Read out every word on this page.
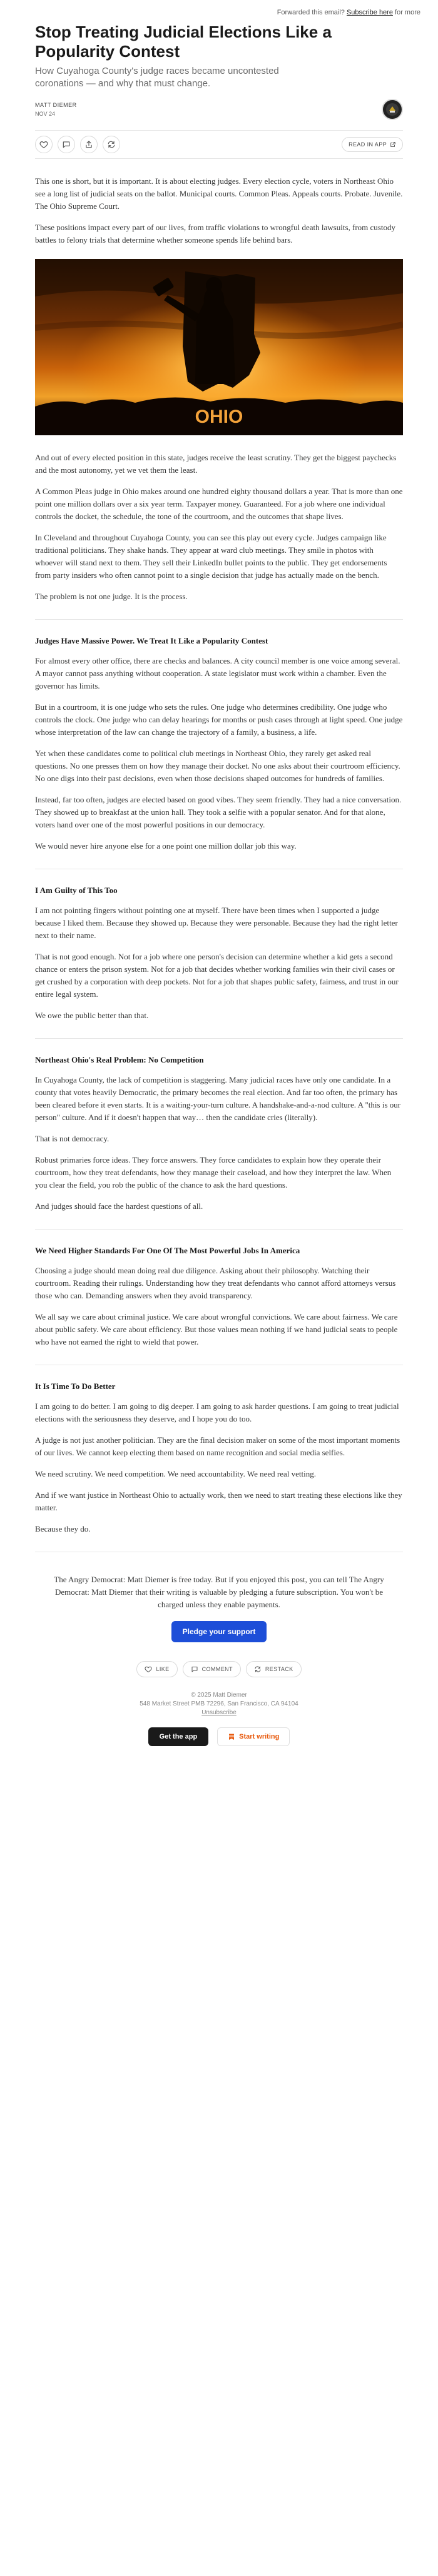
Forwarded this email? Subscribe here for more
Stop Treating Judicial Elections Like a Popularity Contest
How Cuyahoga County's judge races became uncontested coronations — and why that must change.
MATT DIEMER
NOV 24
READ IN APP

This one is short, but it is important. It is about electing judges. Every election cycle, voters in Northeast Ohio see a long list of judicial seats on the ballot. Municipal courts. Common Pleas. Appeals courts. Probate. Juvenile. The Ohio Supreme Court.

These positions impact every part of our lives, from traffic violations to wrongful death lawsuits, from custody battles to felony trials that determine whether someone spends life behind bars.

OHIO

And out of every elected position in this state, judges receive the least scrutiny. They get the biggest paychecks and the most autonomy, yet we vet them the least.

A Common Pleas judge in Ohio makes around one hundred eighty thousand dollars a year. That is more than one point one million dollars over a six year term. Taxpayer money. Guaranteed. For a job where one individual controls the docket, the schedule, the tone of the courtroom, and the outcomes that shape lives.

In Cleveland and throughout Cuyahoga County, you can see this play out every cycle. Judges campaign like traditional politicians. They shake hands. They appear at ward club meetings. They smile in photos with whoever will stand next to them. They sell their LinkedIn bullet points to the public. They get endorsements from party insiders who often cannot point to a single decision that judge has actually made on the bench.

The problem is not one judge. It is the process.

Judges Have Massive Power. We Treat It Like a Popularity Contest

For almost every other office, there are checks and balances. A city council member is one voice among several. A mayor cannot pass anything without cooperation. A state legislator must work within a chamber. Even the governor has limits.

But in a courtroom, it is one judge who sets the rules. One judge who determines credibility. One judge who controls the clock. One judge who can delay hearings for months or push cases through at light speed. One judge whose interpretation of the law can change the trajectory of a family, a business, a life.

Yet when these candidates come to political club meetings in Northeast Ohio, they rarely get asked real questions. No one presses them on how they manage their docket. No one asks about their courtroom efficiency. No one digs into their past decisions, even when those decisions shaped outcomes for hundreds of families.

Instead, far too often, judges are elected based on good vibes. They seem friendly. They had a nice conversation. They showed up to breakfast at the union hall. They took a selfie with a popular senator. And for that alone, voters hand over one of the most powerful positions in our democracy.

We would never hire anyone else for a one point one million dollar job this way.

I Am Guilty of This Too

I am not pointing fingers without pointing one at myself. There have been times when I supported a judge because I liked them. Because they showed up. Because they were personable. Because they had the right letter next to their name.

That is not good enough. Not for a job where one person's decision can determine whether a kid gets a second chance or enters the prison system. Not for a job that decides whether working families win their civil cases or get crushed by a corporation with deep pockets. Not for a job that shapes public safety, fairness, and trust in our entire legal system.

We owe the public better than that.

Northeast Ohio's Real Problem: No Competition

In Cuyahoga County, the lack of competition is staggering. Many judicial races have only one candidate. In a county that votes heavily Democratic, the primary becomes the real election. And far too often, the primary has been cleared before it even starts. It is a waiting-your-turn culture. A handshake-and-a-nod culture. A "this is our person" culture. And if it doesn't happen that way… then the candidate cries (literally).

That is not democracy.

Robust primaries force ideas. They force answers. They force candidates to explain how they operate their courtroom, how they treat defendants, how they manage their caseload, and how they interpret the law. When you clear the field, you rob the public of the chance to ask the hard questions.

And judges should face the hardest questions of all.

We Need Higher Standards For One Of The Most Powerful Jobs In America

Choosing a judge should mean doing real due diligence. Asking about their philosophy. Watching their courtroom. Reading their rulings. Understanding how they treat defendants who cannot afford attorneys versus those who can. Demanding answers when they avoid transparency.

We all say we care about criminal justice. We care about wrongful convictions. We care about fairness. We care about public safety. We care about efficiency. But those values mean nothing if we hand judicial seats to people who have not earned the right to wield that power.

It Is Time To Do Better

I am going to do better. I am going to dig deeper. I am going to ask harder questions. I am going to treat judicial elections with the seriousness they deserve, and I hope you do too.

A judge is not just another politician. They are the final decision maker on some of the most important moments of our lives. We cannot keep electing them based on name recognition and social media selfies.

We need scrutiny. We need competition. We need accountability. We need real vetting.

And if we want justice in Northeast Ohio to actually work, then we need to start treating these elections like they matter.

Because they do.

The Angry Democrat: Matt Diemer is free today. But if you enjoyed this post, you can tell The Angry Democrat: Matt Diemer that their writing is valuable by pledging a future subscription. You won't be charged unless they enable payments.

Pledge your support
LIKE	COMMENT	RESTACK
© 2025 Matt Diemer
548 Market Street PMB 72296, San Francisco, CA 94104
Unsubscribe
Get the app	Start writing
